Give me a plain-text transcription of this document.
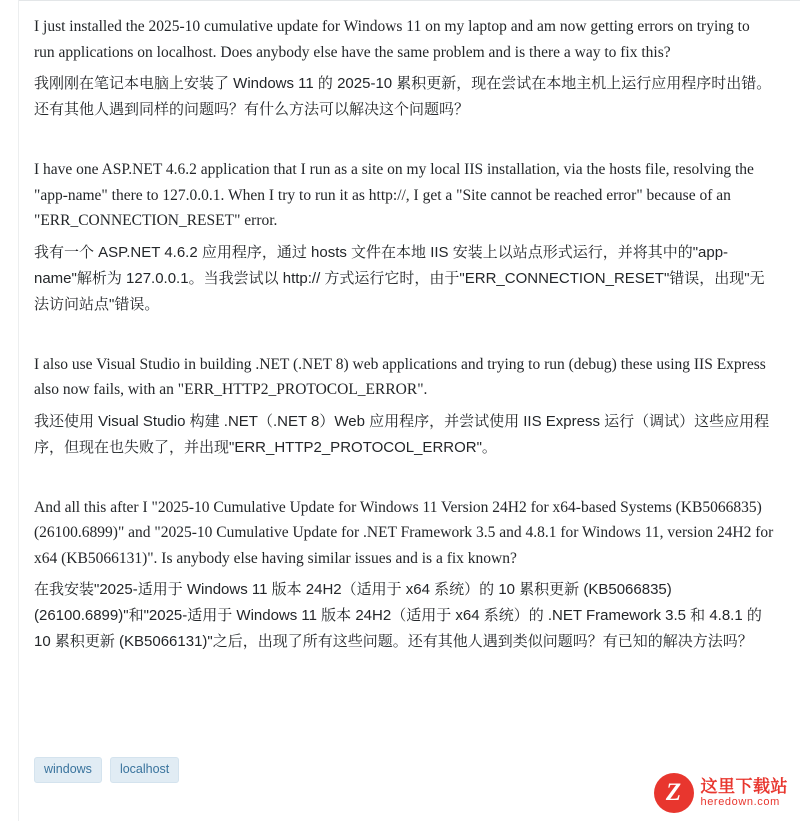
I just installed the 2025-10 cumulative update for Windows 11 on my laptop and am now getting errors on trying to run applications on localhost. Does anybody else have the same problem and is there a way to fix this?

我刚刚在笔记本电脑上安装了 Windows 11 的 2025-10 累积更新，现在尝试在本地主机上运行应用程序时出错。还有其他人遇到同样的问题吗？有什么方法可以解决这个问题吗？

I have one ASP.NET 4.6.2 application that I run as a site on my local IIS installation, via the hosts file, resolving the "app-name" there to 127.0.0.1. When I try to run it as http://, I get a "Site cannot be reached error" because of an "ERR_CONNECTION_RESET" error.

我有一个 ASP.NET 4.6.2 应用程序，通过 hosts 文件在本地 IIS 安装上以站点形式运行，并将其中的"app-name"解析为 127.0.0.1。当我尝试以 http:// 方式运行它时，由于"ERR_CONNECTION_RESET"错误，出现"无法访问站点"错误。

I also use Visual Studio in building .NET (.NET 8) web applications and trying to run (debug) these using IIS Express also now fails, with an "ERR_HTTP2_PROTOCOL_ERROR".

我还使用 Visual Studio 构建 .NET（.NET 8）Web 应用程序，并尝试使用 IIS Express 运行（调试）这些应用程序，但现在也失败了，并出现"ERR_HTTP2_PROTOCOL_ERROR"。

And all this after I "2025-10 Cumulative Update for Windows 11 Version 24H2 for x64-based Systems (KB5066835) (26100.6899)" and "2025-10 Cumulative Update for .NET Framework 3.5 and 4.8.1 for Windows 11, version 24H2 for x64 (KB5066131)". Is anybody else having similar issues and is a fix known?

在我安装"2025-适用于 Windows 11 版本 24H2（适用于 x64 系统）的 10 累积更新 (KB5066835) (26100.6899)"和"2025-适用于 Windows 11 版本 24H2（适用于 x64 系统）的 .NET Framework 3.5 和 4.8.1 的 10 累积更新 (KB5066131)"之后，出现了所有这些问题。还有其他人遇到类似问题吗？有已知的解决方法吗？

windows	localhost
Z
这里下载站
heredown.com
